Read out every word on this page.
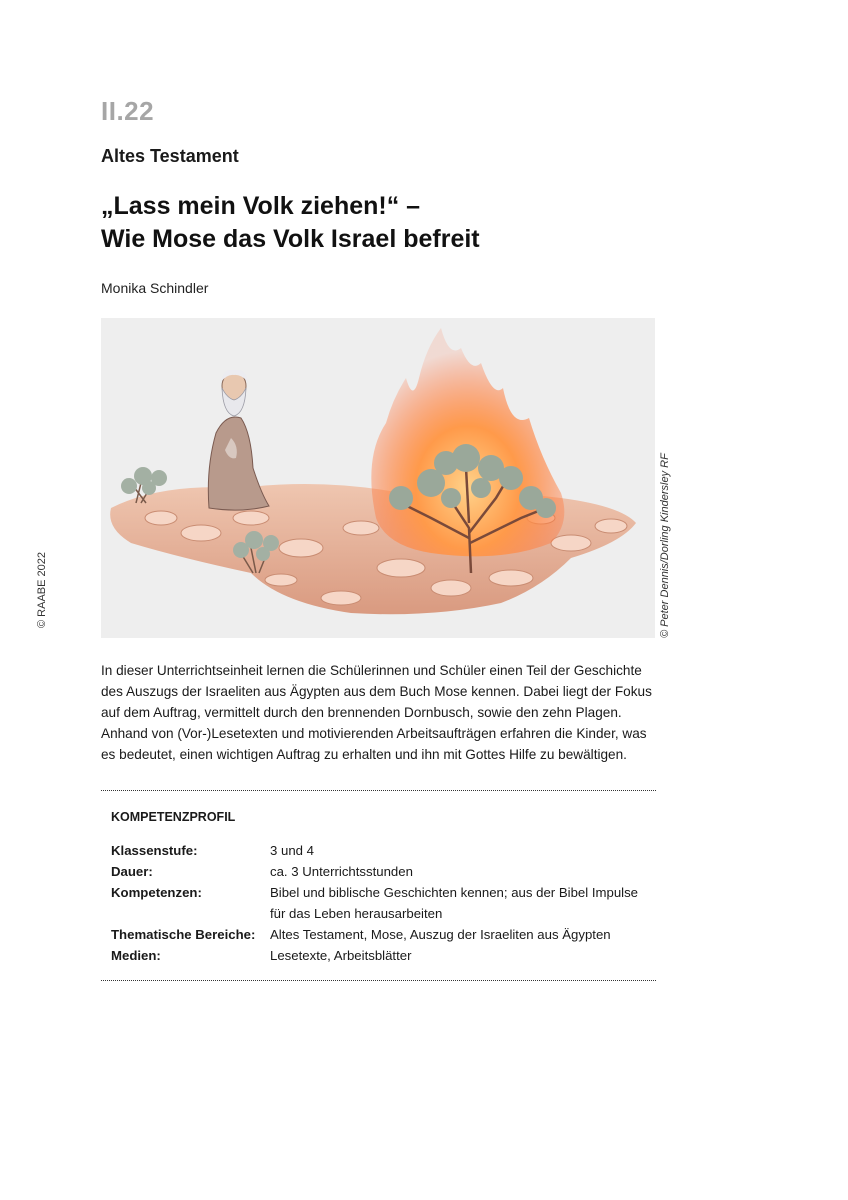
II.22
Altes Testament
„Lass mein Volk ziehen!“ –
Wie Mose das Volk Israel befreit
Monika Schindler
© Peter Dennis/Dorling Kindersley RF
© RAABE 2022
In dieser Unterrichtseinheit lernen die Schülerinnen und Schüler einen Teil der Geschichte des Auszugs der Israeliten aus Ägypten aus dem Buch Mose kennen. Dabei liegt der Fokus auf dem Auftrag, vermittelt durch den brennenden Dornbusch, sowie den zehn Plagen. Anhand von (Vor-)Lesetexten und motivierenden Arbeitsaufträgen erfahren die Kinder, was es bedeutet, einen wichtigen Auftrag zu erhalten und ihn mit Gottes Hilfe zu bewältigen.
KOMPETENZPROFIL
Klassenstufe:	3 und 4
Dauer:	ca. 3 Unterrichtsstunden
Kompetenzen:	Bibel und biblische Geschichten kennen; aus der Bibel Impulse für das Leben herausarbeiten
Thematische Bereiche:	Altes Testament, Mose, Auszug der Israeliten aus Ägypten
Medien:	Lesetexte, Arbeitsblätter
